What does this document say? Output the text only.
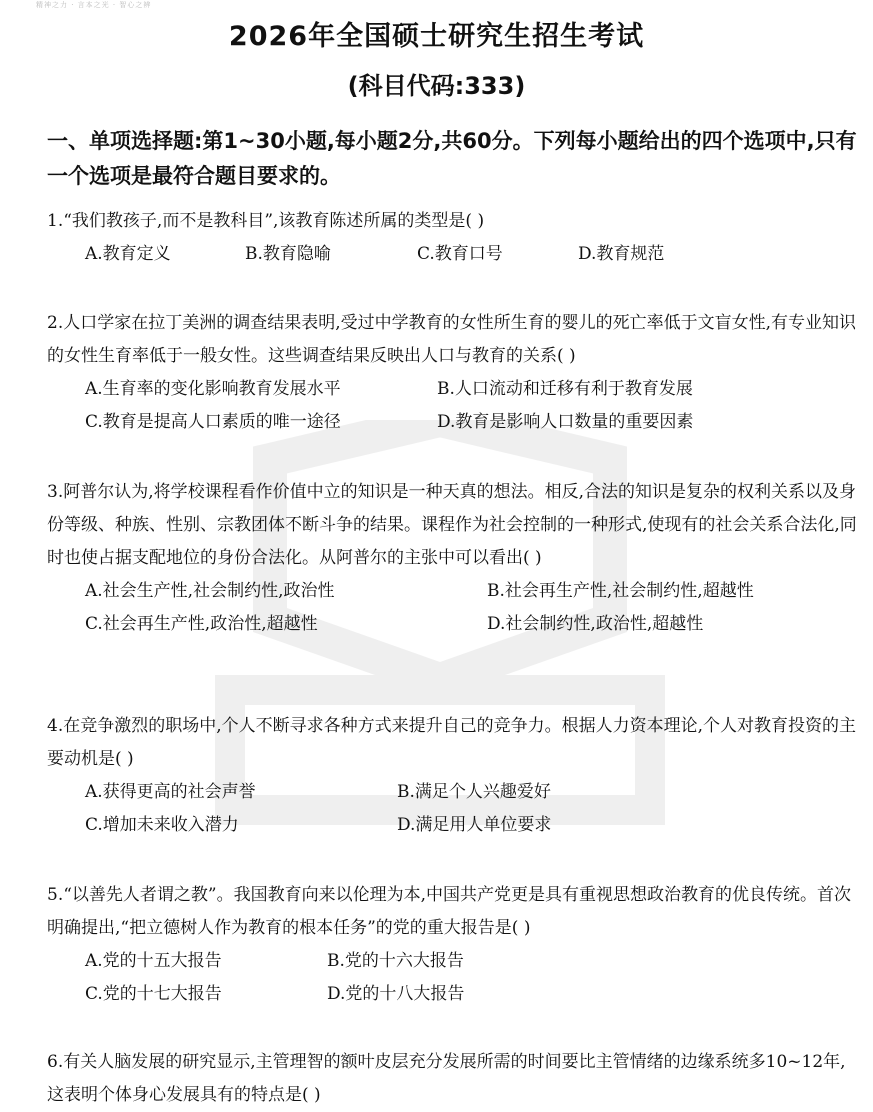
精神之力 · 言本之光 · 智心之辨
2026年全国硕士研究生招生考试
(科目代码:333)
一、单项选择题:第1~30小题,每小题2分,共60分。下列每小题给出的四个选项中,只有一个选项是最符合题目要求的。

1.“我们教孩子,而不是教科目”,该教育陈述所属的类型是( )

A.教育定义	B.教育隐喻	C.教育口号	D.教育规范

2.人口学家在拉丁美洲的调查结果表明,受过中学教育的女性所生育的婴儿的死亡率低于文盲女性,有专业知识的女性生育率低于一般女性。这些调查结果反映出人口与教育的关系( )

A.生育率的变化影响教育发展水平	B.人口流动和迁移有利于教育发展
C.教育是提高人口素质的唯一途径	D.教育是影响人口数量的重要因素

3.阿普尔认为,将学校课程看作价值中立的知识是一种天真的想法。相反,合法的知识是复杂的权利关系以及身份等级、种族、性别、宗教团体不断斗争的结果。课程作为社会控制的一种形式,使现有的社会关系合法化,同时也使占据支配地位的身份合法化。从阿普尔的主张中可以看出( )

A.社会生产性,社会制约性,政治性	B.社会再生产性,社会制约性,超越性
C.社会再生产性,政治性,超越性	D.社会制约性,政治性,超越性

4.在竞争激烈的职场中,个人不断寻求各种方式来提升自己的竞争力。根据人力资本理论,个人对教育投资的主要动机是( )

A.获得更高的社会声誉	B.满足个人兴趣爱好
C.增加未来收入潜力	D.满足用人单位要求

5.“以善先人者谓之教”。我国教育向来以伦理为本,中国共产党更是具有重视思想政治教育的优良传统。首次明确提出,“把立德树人作为教育的根本任务”的党的重大报告是( )

A.党的十五大报告	B.党的十六大报告
C.党的十七大报告	D.党的十八大报告

6.有关人脑发展的研究显示,主管理智的额叶皮层充分发展所需的时间要比主管情绪的边缘系统多10~12年,这表明个体身心发展具有的特点是( )
